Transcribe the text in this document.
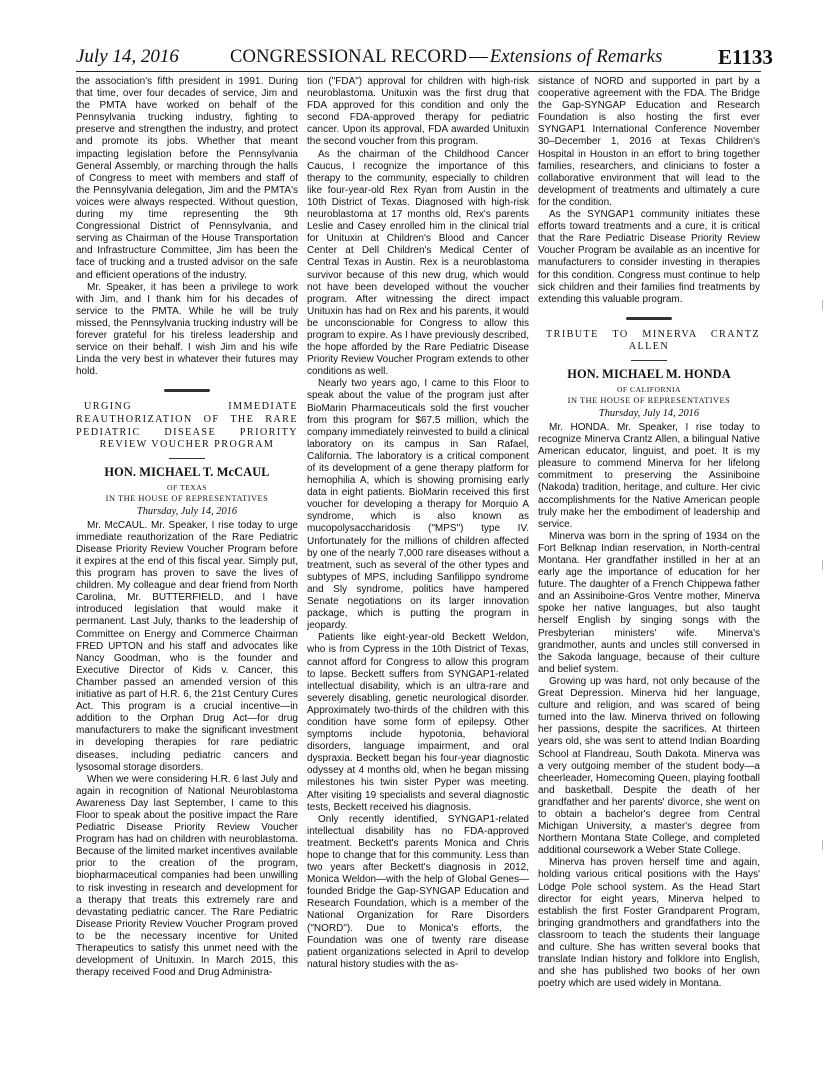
July 14, 2016	CONGRESSIONAL RECORD — Extensions of Remarks	E1133

the association's fifth president in 1991. During that time, over four decades of service, Jim and the PMTA have worked on behalf of the Pennsylvania trucking industry, fighting to preserve and strengthen the industry, and protect and promote its jobs. Whether that meant impacting legislation before the Pennsylvania General Assembly, or marching through the halls of Congress to meet with members and staff of the Pennsylvania delegation, Jim and the PMTA's voices were always respected. Without question, during my time representing the 9th Congressional District of Pennsylvania, and serving as Chairman of the House Transportation and Infrastructure Committee, Jim has been the face of trucking and a trusted advisor on the safe and efficient operations of the industry.

Mr. Speaker, it has been a privilege to work with Jim, and I thank him for his decades of service to the PMTA. While he will be truly missed, the Pennsylvania trucking industry will be forever grateful for his tireless leadership and service on their behalf. I wish Jim and his wife Linda the very best in whatever their futures may hold.

URGING IMMEDIATE REAUTHORIZATION OF THE RARE PEDIATRIC DISEASE PRIORITY REVIEW VOUCHER PROGRAM
HON. MICHAEL T. McCAUL
OF TEXAS
IN THE HOUSE OF REPRESENTATIVES
Thursday, July 14, 2016

Mr. McCAUL. Mr. Speaker, I rise today to urge immediate reauthorization of the Rare Pediatric Disease Priority Review Voucher Program before it expires at the end of this fiscal year. Simply put, this program has proven to save the lives of children. My colleague and dear friend from North Carolina, Mr. BUTTERFIELD, and I have introduced legislation that would make it permanent. Last July, thanks to the leadership of Committee on Energy and Commerce Chairman FRED UPTON and his staff and advocates like Nancy Goodman, who is the founder and Executive Director of Kids v. Cancer, this Chamber passed an amended version of this initiative as part of H.R. 6, the 21st Century Cures Act. This program is a crucial incentive—in addition to the Orphan Drug Act—for drug manufacturers to make the significant investment in developing therapies for rare pediatric diseases, including pediatric cancers and lysosomal storage disorders.

When we were considering H.R. 6 last July and again in recognition of National Neuroblastoma Awareness Day last September, I came to this Floor to speak about the positive impact the Rare Pediatric Disease Priority Review Voucher Program has had on children with neuroblastoma. Because of the limited market incentives available prior to the creation of the program, biopharmaceutical companies had been unwilling to risk investing in research and development for a therapy that treats this extremely rare and devastating pediatric cancer. The Rare Pediatric Disease Priority Review Voucher Program proved to be the necessary incentive for United Therapeutics to satisfy this unmet need with the development of Unituxin. In March 2015, this therapy received Food and Drug Administra-

tion ("FDA") approval for children with high-risk neuroblastoma. Unituxin was the first drug that FDA approved for this condition and only the second FDA-approved therapy for pediatric cancer. Upon its approval, FDA awarded Unituxin the second voucher from this program.

As the chairman of the Childhood Cancer Caucus, I recognize the importance of this therapy to the community, especially to children like four-year-old Rex Ryan from Austin in the 10th District of Texas. Diagnosed with high-risk neuroblastoma at 17 months old, Rex's parents Leslie and Casey enrolled him in the clinical trial for Unituxin at Children's Blood and Cancer Center at Dell Children's Medical Center of Central Texas in Austin. Rex is a neuroblastoma survivor because of this new drug, which would not have been developed without the voucher program. After witnessing the direct impact Unituxin has had on Rex and his parents, it would be unconscionable for Congress to allow this program to expire. As I have previously described, the hope afforded by the Rare Pediatric Disease Priority Review Voucher Program extends to other conditions as well.

Nearly two years ago, I came to this Floor to speak about the value of the program just after BioMarin Pharmaceuticals sold the first voucher from this program for $67.5 million, which the company immediately reinvested to build a clinical laboratory on its campus in San Rafael, California. The laboratory is a critical component of its development of a gene therapy platform for hemophilia A, which is showing promising early data in eight patients. BioMarin received this first voucher for developing a therapy for Morquio A syndrome, which is also known as mucopolysaccharidosis ("MPS") type IV. Unfortunately for the millions of children affected by one of the nearly 7,000 rare diseases without a treatment, such as several of the other types and subtypes of MPS, including Sanfilippo syndrome and Sly syndrome, politics have hampered Senate negotiations on its larger innovation package, which is putting the program in jeopardy.

Patients like eight-year-old Beckett Weldon, who is from Cypress in the 10th District of Texas, cannot afford for Congress to allow this program to lapse. Beckett suffers from SYNGAP1-related intellectual disability, which is an ultra-rare and severely disabling, genetic neurological disorder. Approximately two-thirds of the children with this condition have some form of epilepsy. Other symptoms include hypotonia, behavioral disorders, language impairment, and oral dyspraxia. Beckett began his four-year diagnostic odyssey at 4 months old, when he began missing milestones his twin sister Pyper was meeting. After visiting 19 specialists and several diagnostic tests, Beckett received his diagnosis.

Only recently identified, SYNGAP1-related intellectual disability has no FDA-approved treatment. Beckett's parents Monica and Chris hope to change that for this community. Less than two years after Beckett's diagnosis in 2012, Monica Weldon—with the help of Global Genes—founded Bridge the Gap-SYNGAP Education and Research Foundation, which is a member of the National Organization for Rare Disorders ("NORD"). Due to Monica's efforts, the Foundation was one of twenty rare disease patient organizations selected in April to develop natural history studies with the as-

sistance of NORD and supported in part by a cooperative agreement with the FDA. The Bridge the Gap-SYNGAP Education and Research Foundation is also hosting the first ever SYNGAP1 International Conference November 30–December 1, 2016 at Texas Children's Hospital in Houston in an effort to bring together families, researchers, and clinicians to foster a collaborative environment that will lead to the development of treatments and ultimately a cure for the condition.

As the SYNGAP1 community initiates these efforts toward treatments and a cure, it is critical that the Rare Pediatric Disease Priority Review Voucher Program be available as an incentive for manufacturers to consider investing in therapies for this condition. Congress must continue to help sick children and their families find treatments by extending this valuable program.

TRIBUTE TO MINERVA CRANTZ ALLEN
HON. MICHAEL M. HONDA
OF CALIFORNIA
IN THE HOUSE OF REPRESENTATIVES
Thursday, July 14, 2016

Mr. HONDA. Mr. Speaker, I rise today to recognize Minerva Crantz Allen, a bilingual Native American educator, linguist, and poet. It is my pleasure to commend Minerva for her lifelong commitment to preserving the Assiniboine (Nakoda) tradition, heritage, and culture. Her civic accomplishments for the Native American people truly make her the embodiment of leadership and service.

Minerva was born in the spring of 1934 on the Fort Belknap Indian reservation, in North-central Montana. Her grandfather instilled in her at an early age the importance of education for her future. The daughter of a French Chippewa father and an Assiniboine-Gros Ventre mother, Minerva spoke her native languages, but also taught herself English by singing songs with the Presbyterian ministers' wife. Minerva's grandmother, aunts and uncles still conversed in the Sakoda language, because of their culture and belief system.

Growing up was hard, not only because of the Great Depression. Minerva hid her language, culture and religion, and was scared of being turned into the law. Minerva thrived on following her passions, despite the sacrifices. At thirteen years old, she was sent to attend Indian Boarding School at Flandreau, South Dakota. Minerva was a very outgoing member of the student body—a cheerleader, Homecoming Queen, playing football and basketball. Despite the death of her grandfather and her parents' divorce, she went on to obtain a bachelor's degree from Central Michigan University, a master's degree from Northern Montana State College, and completed additional coursework a Weber State College.

Minerva has proven herself time and again, holding various critical positions with the Hays' Lodge Pole school system. As the Head Start director for eight years, Minerva helped to establish the first Foster Grandparent Program, bringing grandmothers and grandfathers into the classroom to teach the students their language and culture. She has written several books that translate Indian history and folklore into English, and she has published two books of her own poetry which are used widely in Montana.
